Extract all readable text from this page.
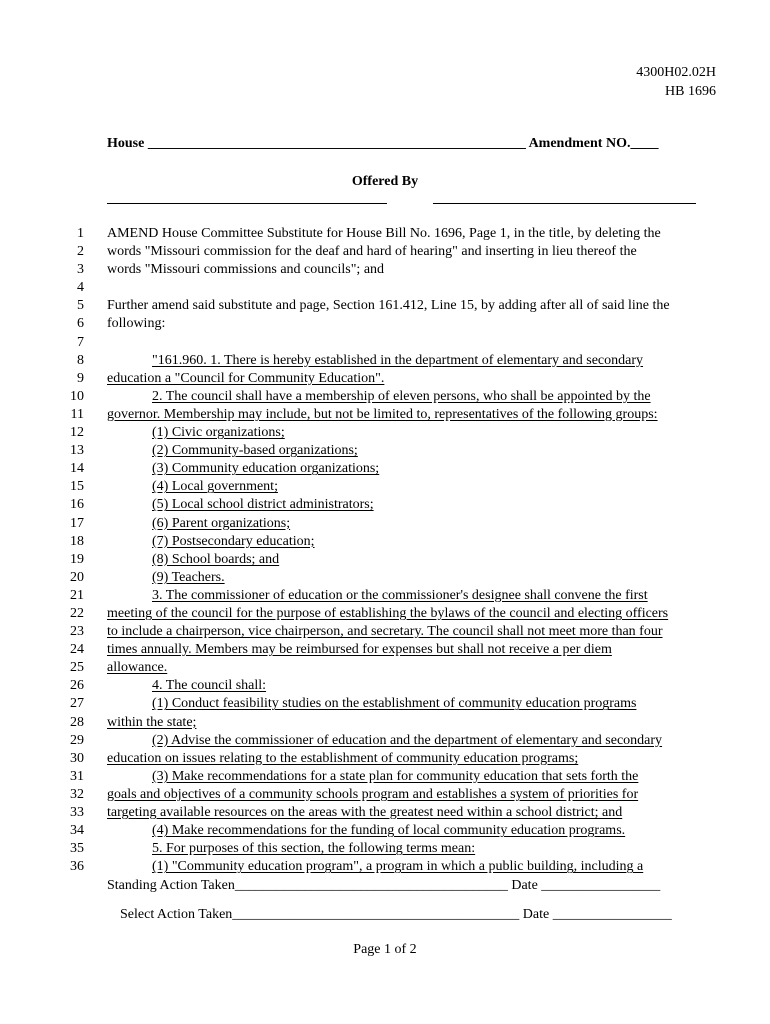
4300H02.02H
HB 1696
House ______________________________________________________ Amendment NO.____
Offered By
1 AMEND House Committee Substitute for House Bill No. 1696, Page 1, in the title, by deleting the
2 words "Missouri commission for the deaf and hard of hearing" and inserting in lieu thereof the
3 words "Missouri commissions and councils"; and
4
5 Further amend said substitute and page, Section 161.412, Line 15, by adding after all of said line the
6 following:
7
8	"161.960. 1. There is hereby established in the department of elementary and secondary
9 education a "Council for Community Education".
10	2. The council shall have a membership of eleven persons, who shall be appointed by the
11 governor. Membership may include, but not be limited to, representatives of the following groups:
12	(1) Civic organizations;
13	(2) Community-based organizations;
14	(3) Community education organizations;
15	(4) Local government;
16	(5) Local school district administrators;
17	(6) Parent organizations;
18	(7) Postsecondary education;
19	(8) School boards; and
20	(9) Teachers.
21	3. The commissioner of education or the commissioner's designee shall convene the first
22 meeting of the council for the purpose of establishing the bylaws of the council and electing officers
23 to include a chairperson, vice chairperson, and secretary. The council shall not meet more than four
24 times annually. Members may be reimbursed for expenses but shall not receive a per diem
25 allowance.
26	4. The council shall:
27	(1) Conduct feasibility studies on the establishment of community education programs
28 within the state;
29	(2) Advise the commissioner of education and the department of elementary and secondary
30 education on issues relating to the establishment of community education programs;
31	(3) Make recommendations for a state plan for community education that sets forth the
32 goals and objectives of a community schools program and establishes a system of priorities for
33 targeting available resources on the areas with the greatest need within a school district; and
34	(4) Make recommendations for the funding of local community education programs.
35	5. For purposes of this section, the following terms mean:
36	(1) "Community education program", a program in which a public building, including a
Standing Action Taken_______________________________________ Date _________________
Select Action Taken_________________________________________ Date _________________
Page 1 of 2
